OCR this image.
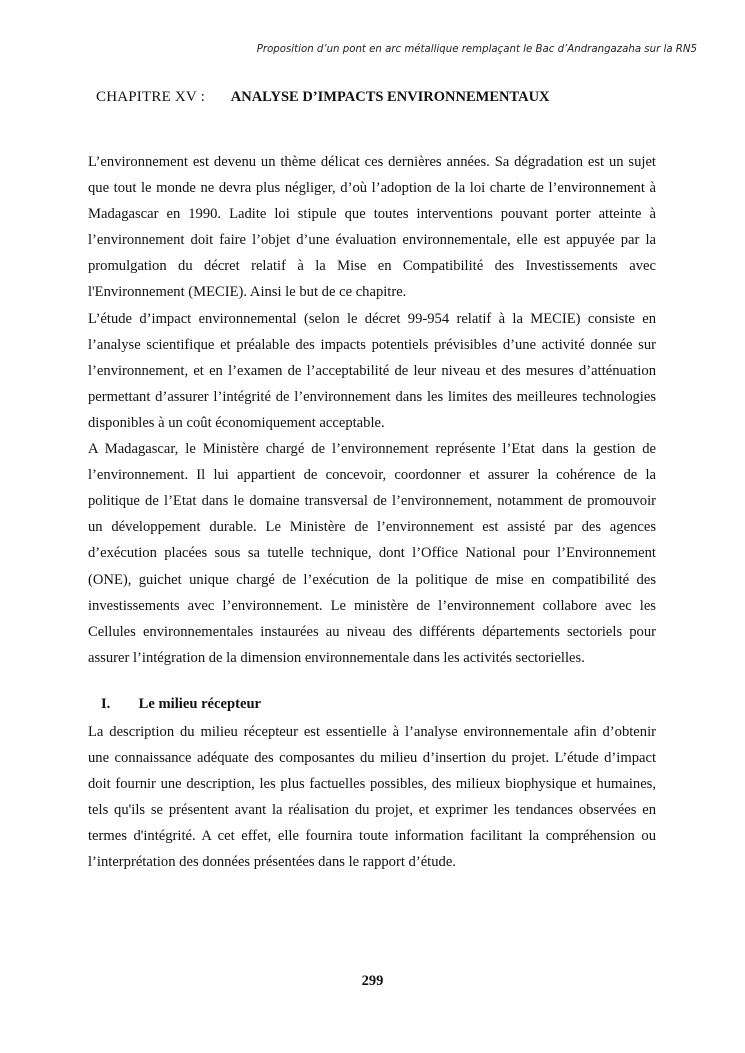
Proposition d’un pont en arc métallique remplaçant le Bac d’Andrangazaha sur la RN5
CHAPITRE XV : ANALYSE D’IMPACTS ENVIRONNEMENTAUX

L’environnement est devenu un thème délicat ces dernières années. Sa dégradation est un sujet que tout le monde ne devra plus négliger, d’où l’adoption de la loi charte de l’environnement à Madagascar en 1990. Ladite loi stipule que toutes interventions pouvant porter atteinte à l’environnement doit faire l’objet d’une évaluation environnementale, elle est appuyée par la promulgation du décret relatif à la Mise en Compatibilité des Investissements avec l'Environnement (MECIE). Ainsi le but de ce chapitre.

L’étude d’impact environnemental (selon le décret 99-954 relatif à la MECIE) consiste en l’analyse scientifique et préalable des impacts potentiels prévisibles d’une activité donnée sur l’environnement, et en l’examen de l’acceptabilité de leur niveau et des mesures d’atténuation permettant d’assurer l’intégrité de l’environnement dans les limites des meilleures technologies disponibles à un coût économiquement acceptable.

A Madagascar, le Ministère chargé de l’environnement représente l’Etat dans la gestion de l’environnement. Il lui appartient de concevoir, coordonner et assurer la cohérence de la politique de l’Etat dans le domaine transversal de l’environnement, notamment de promouvoir un développement durable. Le Ministère de l’environnement est assisté par des agences d’exécution placées sous sa tutelle technique, dont l’Office National pour l’Environnement (ONE), guichet unique chargé de l’exécution de la politique de mise en compatibilité des investissements avec l’environnement. Le ministère de l’environnement collabore avec les Cellules environnementales instaurées au niveau des différents départements sectoriels pour assurer l’intégration de la dimension environnementale dans les activités sectorielles.

I. Le milieu récepteur

La description du milieu récepteur est essentielle à l’analyse environnementale afin d’obtenir une connaissance adéquate des composantes du milieu d’insertion du projet. L’étude d’impact doit fournir une description, les plus factuelles possibles, des milieux biophysique et humaines, tels qu'ils se présentent avant la réalisation du projet, et exprimer les tendances observées en termes d'intégrité. A cet effet, elle fournira toute information facilitant la compréhension ou l’interprétation des données présentées dans le rapport d’étude.

299
